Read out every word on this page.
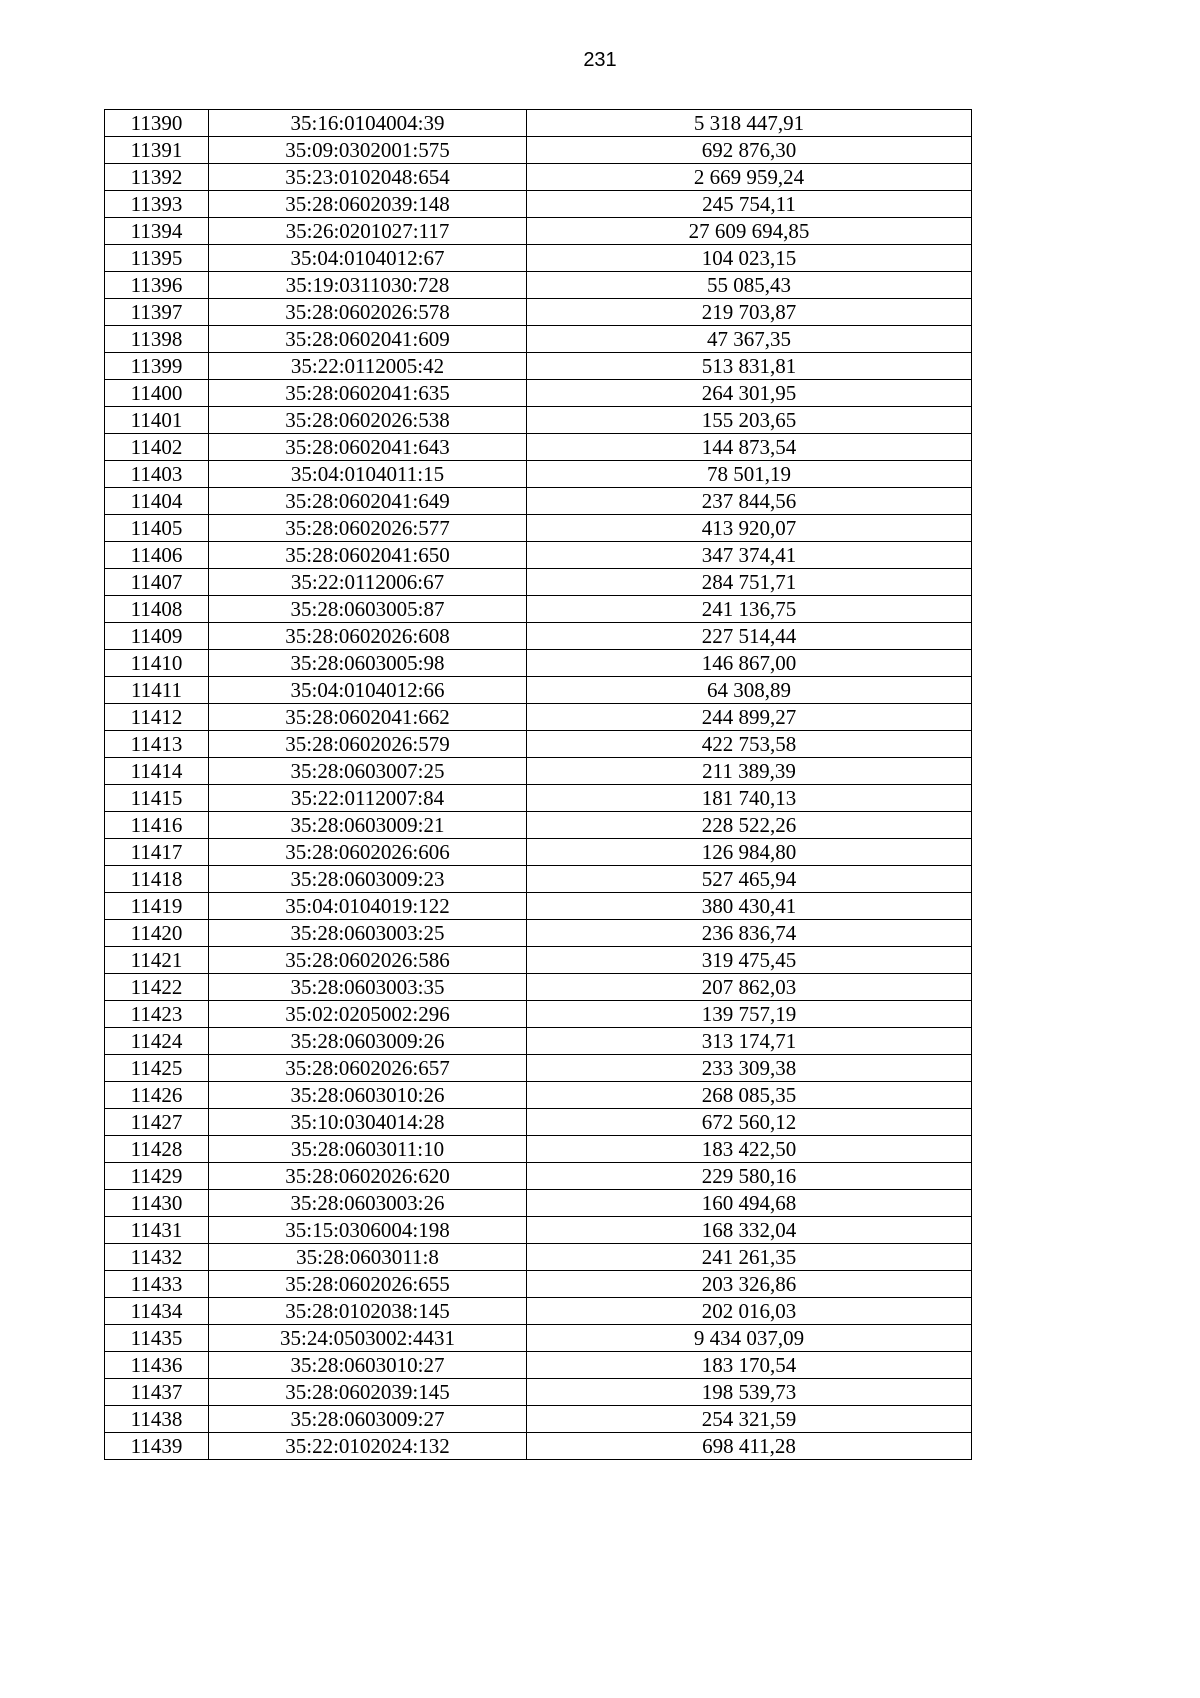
231
11390	35:16:0104004:39	5 318 447,91
11391	35:09:0302001:575	692 876,30
11392	35:23:0102048:654	2 669 959,24
11393	35:28:0602039:148	245 754,11
11394	35:26:0201027:117	27 609 694,85
11395	35:04:0104012:67	104 023,15
11396	35:19:0311030:728	55 085,43
11397	35:28:0602026:578	219 703,87
11398	35:28:0602041:609	47 367,35
11399	35:22:0112005:42	513 831,81
11400	35:28:0602041:635	264 301,95
11401	35:28:0602026:538	155 203,65
11402	35:28:0602041:643	144 873,54
11403	35:04:0104011:15	78 501,19
11404	35:28:0602041:649	237 844,56
11405	35:28:0602026:577	413 920,07
11406	35:28:0602041:650	347 374,41
11407	35:22:0112006:67	284 751,71
11408	35:28:0603005:87	241 136,75
11409	35:28:0602026:608	227 514,44
11410	35:28:0603005:98	146 867,00
11411	35:04:0104012:66	64 308,89
11412	35:28:0602041:662	244 899,27
11413	35:28:0602026:579	422 753,58
11414	35:28:0603007:25	211 389,39
11415	35:22:0112007:84	181 740,13
11416	35:28:0603009:21	228 522,26
11417	35:28:0602026:606	126 984,80
11418	35:28:0603009:23	527 465,94
11419	35:04:0104019:122	380 430,41
11420	35:28:0603003:25	236 836,74
11421	35:28:0602026:586	319 475,45
11422	35:28:0603003:35	207 862,03
11423	35:02:0205002:296	139 757,19
11424	35:28:0603009:26	313 174,71
11425	35:28:0602026:657	233 309,38
11426	35:28:0603010:26	268 085,35
11427	35:10:0304014:28	672 560,12
11428	35:28:0603011:10	183 422,50
11429	35:28:0602026:620	229 580,16
11430	35:28:0603003:26	160 494,68
11431	35:15:0306004:198	168 332,04
11432	35:28:0603011:8	241 261,35
11433	35:28:0602026:655	203 326,86
11434	35:28:0102038:145	202 016,03
11435	35:24:0503002:4431	9 434 037,09
11436	35:28:0603010:27	183 170,54
11437	35:28:0602039:145	198 539,73
11438	35:28:0603009:27	254 321,59
11439	35:22:0102024:132	698 411,28
